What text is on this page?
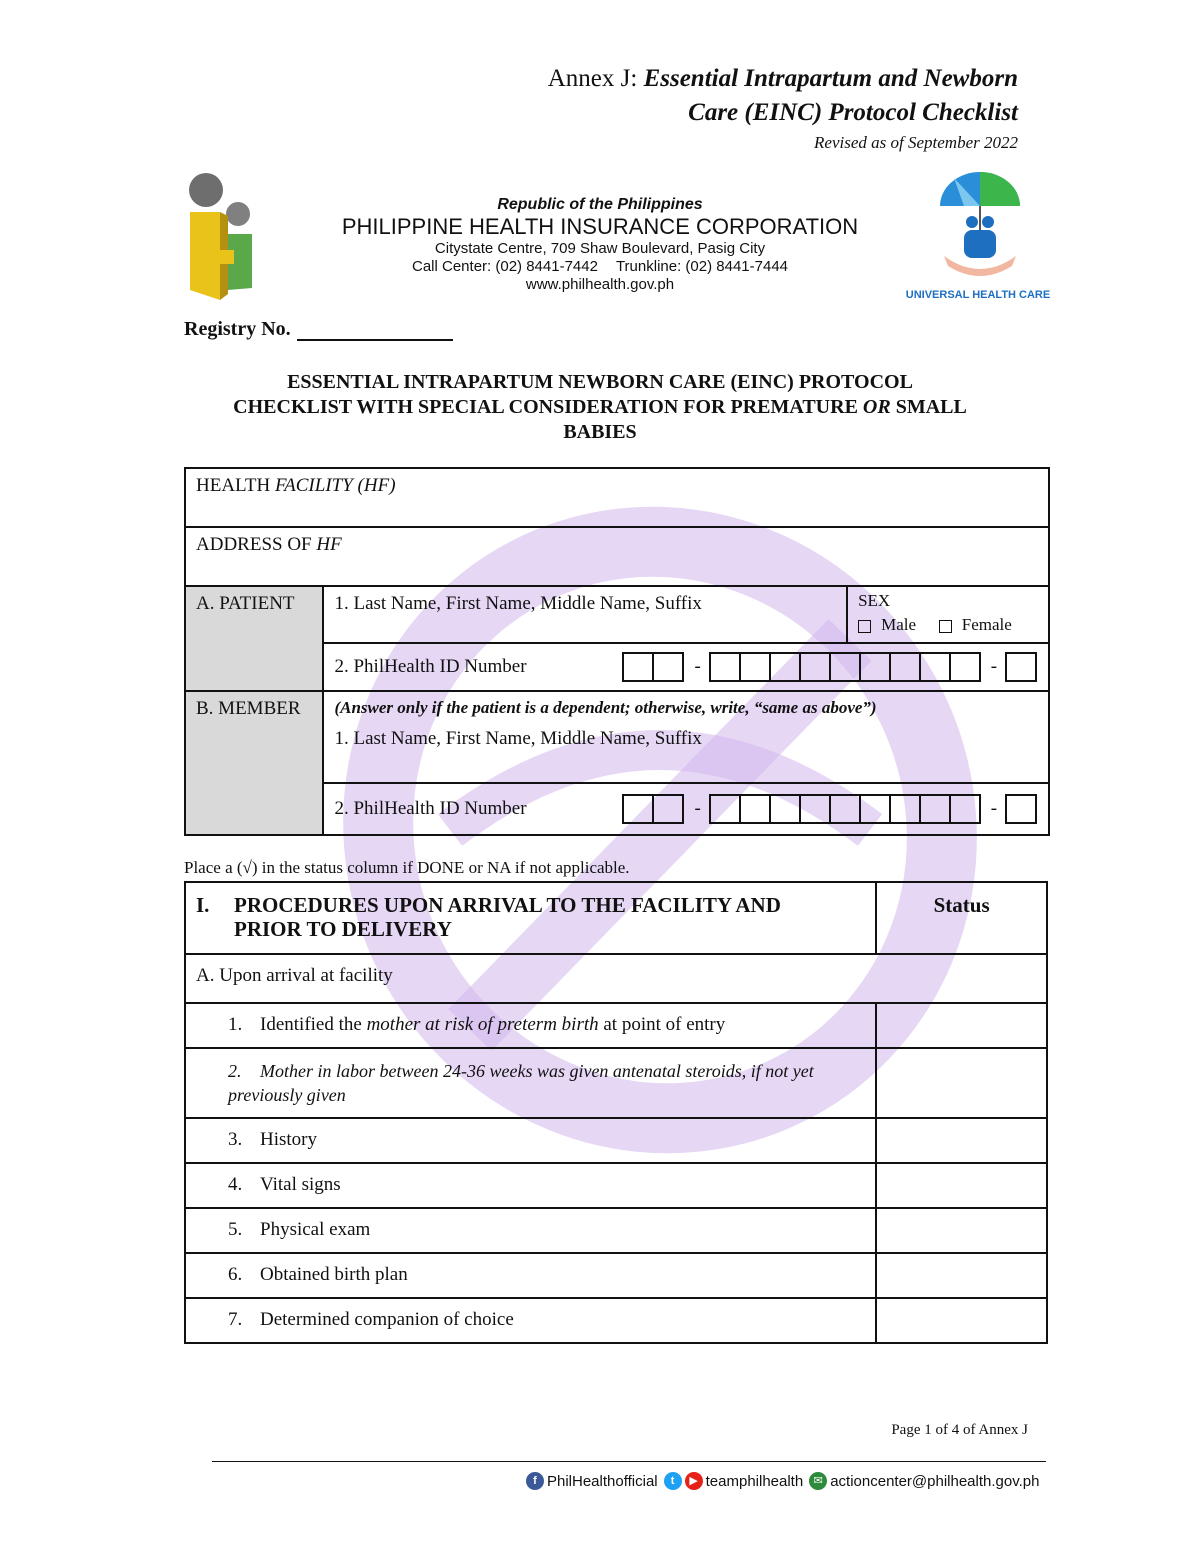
Annex J: Essential Intrapartum and Newborn
Care (EINC) Protocol Checklist
Revised as of September 2022
Republic of the Philippines
PHILIPPINE HEALTH INSURANCE CORPORATION
Citystate Centre, 709 Shaw Boulevard, Pasig City
Call Center: (02) 8441-7442 Trunkline: (02) 8441-7444
www.philhealth.gov.ph
UNIVERSAL HEALTH CARE
Registry No.
ESSENTIAL INTRAPARTUM NEWBORN CARE (EINC) PROTOCOL
CHECKLIST WITH SPECIAL CONSIDERATION FOR PREMATURE OR SMALL
BABIES
HEALTH FACILITY (HF)		
ADDRESS OF HF		
A. PATIENT	1. Last Name, First Name, Middle Name, Suffix	SEX
Male Female

	2. PhilHealth ID Number - -	

B. MEMBER	(Answer only if the patient is a dependent; otherwise, write, “same as above”)
1. Last Name, First Name, Middle Name, Suffix	

	2. PhilHealth ID Number - -	
Place a (√) in the status column if DONE or NA if not applicable.
I. PROCEDURES UPON ARRIVAL TO THE FACILITY AND PRIOR TO DELIVERY	Status
A. Upon arrival at facility	
1. Identified the mother at risk of preterm birth at point of entry	
2. Mother in labor between 24-36 weeks was given antenatal steroids, if not yet previously given	
3. History	
4. Vital signs	
5. Physical exam	
6. Obtained birth plan	
7. Determined companion of choice	
Page 1 of 4 of Annex J
f PhilHealthofficial	t	▶ teamphilhealth ✉ actioncenter@philhealth.gov.ph
